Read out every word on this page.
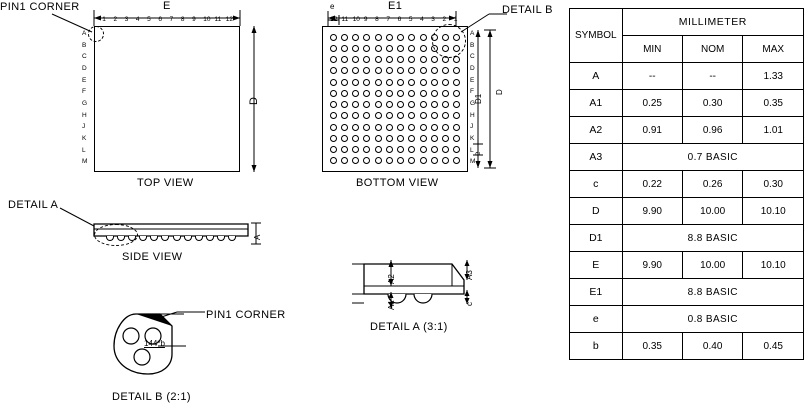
PIN1 CORNER	E
D
1 2 3 4 5 6 7 8 9 10 11 12
A
B
C
D
E
F
G
H
J
K
L
M
TOP VIEW
E1
e	DETAIL B
D1
D
e
12 11 10 9 8 7 6 5 4 3 2 1
A
B
C
D
E
F
G
H
J
K
L
M
BOTTOM VIEW
DETAIL A
A
SIDE VIEW
A2
A1
A3
c
DETAIL A (3:1)
PIN1 CORNER
144*b
DETAIL B (2:1)
SYMBOL	MILLIMETER		
	MIN	NOM	MAX
A	--	--	1.33
A1	0.25	0.30	0.35
A2	0.91	0.96	1.01
A3	0.7 BASIC		
c	0.22	0.26	0.30
D	9.90	10.00	10.10
D1	8.8 BASIC		
E	9.90	10.00	10.10
E1	8.8 BASIC		
e	0.8 BASIC		
b	0.35	0.40	0.45
